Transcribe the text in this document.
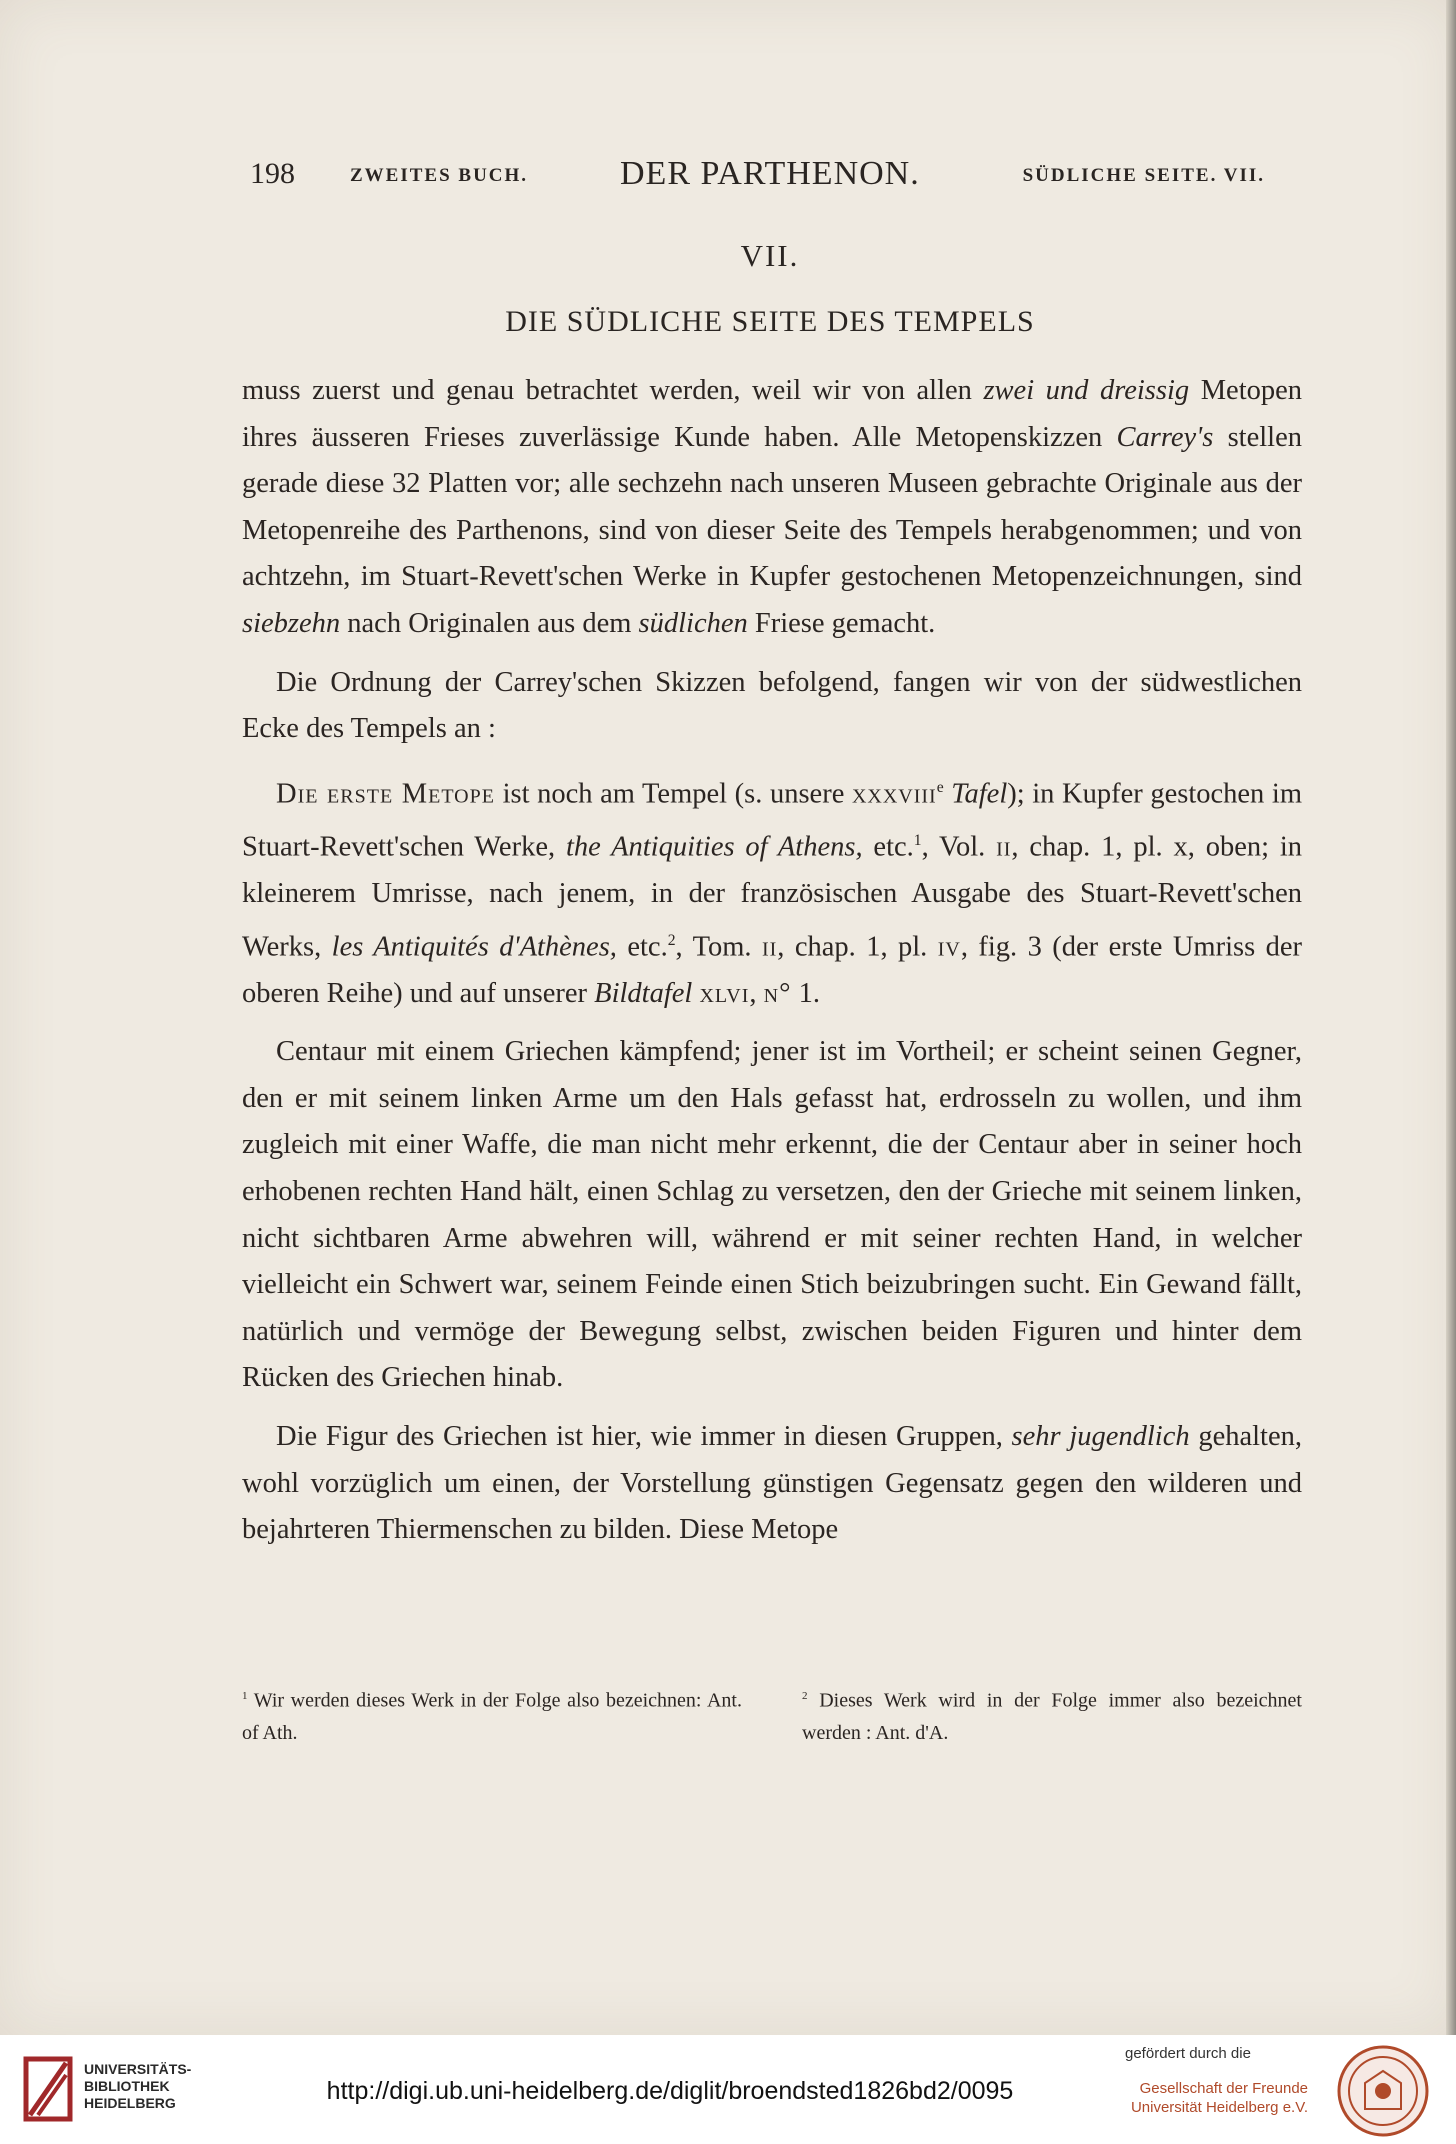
198	ZWEITES BUCH.	DER PARTHENON.	SÜDLICHE SEITE. VII.
VII.
DIE SÜDLICHE SEITE DES TEMPELS

muss zuerst und genau betrachtet werden, weil wir von allen zwei und dreissig Metopen ihres äusseren Frieses zuverlässige Kunde haben. Alle Metopenskizzen Carrey's stellen gerade diese 32 Platten vor; alle sechzehn nach unseren Museen gebrachte Originale aus der Metopenreihe des Parthenons, sind von dieser Seite des Tempels herabgenommen; und von achtzehn, im Stuart-Revett'schen Werke in Kupfer gestochenen Metopenzeichnungen, sind siebzehn nach Originalen aus dem südlichen Friese gemacht.

Die Ordnung der Carrey'schen Skizzen befolgend, fangen wir von der südwestlichen Ecke des Tempels an :

Die erste Metope ist noch am Tempel (s. unsere xxxviii$^e$ Tafel); in Kupfer gestochen im Stuart-Revett'schen Werke, the Antiquities of Athens, etc.$^1$, Vol. ii, chap. 1, pl. x, oben; in kleinerem Umrisse, nach jenem, in der französischen Ausgabe des Stuart-Revett'schen Werks, les Antiquités d'Athènes, etc.$^2$, Tom. ii, chap. 1, pl. iv, fig. 3 (der erste Umriss der oberen Reihe) und auf unserer Bildtafel xlvi, n° 1.

Centaur mit einem Griechen kämpfend; jener ist im Vortheil; er scheint seinen Gegner, den er mit seinem linken Arme um den Hals gefasst hat, erdrosseln zu wollen, und ihm zugleich mit einer Waffe, die man nicht mehr erkennt, die der Centaur aber in seiner hoch erhobenen rechten Hand hält, einen Schlag zu versetzen, den der Grieche mit seinem linken, nicht sichtbaren Arme abwehren will, während er mit seiner rechten Hand, in welcher vielleicht ein Schwert war, seinem Feinde einen Stich beizubringen sucht. Ein Gewand fällt, natürlich und vermöge der Bewegung selbst, zwischen beiden Figuren und hinter dem Rücken des Griechen hinab.

Die Figur des Griechen ist hier, wie immer in diesen Gruppen, sehr jugendlich gehalten, wohl vorzüglich um einen, der Vorstellung günstigen Gegensatz gegen den wilderen und bejahrteren Thiermenschen zu bilden. Diese Metope

$^1$ Wir werden dieses Werk in der Folge also bezeichnen: Ant. of Ath.
$^2$ Dieses Werk wird in der Folge immer also bezeichnet werden : Ant. d'A.
UNIVERSITÄTS-
BIBLIOTHEK
HEIDELBERG	http://digi.ub.uni-heidelberg.de/diglit/broendsted1826bd2/0095
gefördert durch die
Gesellschaft der Freunde
Universität Heidelberg e.V.
